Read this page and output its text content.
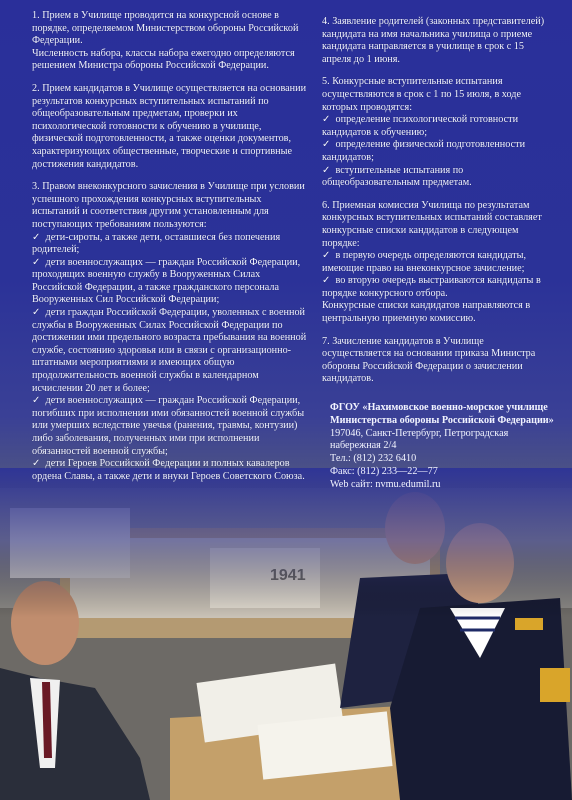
1. Прием в Училище проводится на конкурсной основе в порядке, определяемом Министерством обороны Российской Федерации.

Численность набора, классы набора ежегодно определяются решением Министра обороны Российской Федерации.

2. Прием кандидатов в Училище осуществляется на основании результатов конкурсных вступительных испытаний по общеобразовательным предметам, проверки их психологической готовности к обучению в училище, физической подготовленности, а также оценки документов, характеризующих общественные, творческие и спортивные достижения кандидатов.

3. Правом внеконкурсного зачисления в Училище при условии успешного прохождения конкурсных вступительных испытаний и соответствия другим установленным для поступающих требованиям пользуются:
✓ дети-сироты, а также дети, оставшиеся без попечения родителей;
✓ дети военнослужащих — граждан Российской Федерации, проходящих военную службу в Вооруженных Силах Российской Федерации, а также гражданского персонала Вооруженных Сил Российской Федерации;
✓ дети граждан Российской Федерации, уволенных с военной службы в Вооруженных Силах Российской Федерации по достижении ими предельного возраста пребывания на военной службе, состоянию здоровья или в связи с организационно-штатными мероприятиями и имеющих общую продолжительность военной службы в календарном исчислении 20 лет и более;
✓ дети военнослужащих — граждан Российской Федерации, погибших при исполнении ими обязанностей военной службы или умерших вследствие увечья (ранения, травмы, контузии) либо заболевания, полученных ими при исполнении обязанностей военной службы;
✓ дети Героев Российской Федерации и полных кавалеров ордена Славы, а также дети и внуки Героев Советского Союза.

4. Заявление родителей (законных представителей) кандидата на имя начальника училища о приеме кандидата направляется в училище в срок с 15 апреля до 1 июня.

5. Конкурсные вступительные испытания осуществляются в срок с 1 по 15 июля, в ходе которых проводятся:
✓ определение психологической готовности кандидатов к обучению;
✓ определение физической подготовленности кандидатов;
✓ вступительные испытания по общеобразовательным предметам.
6. Приемная комиссия Училища по результатам конкурсных вступительных испытаний составляет конкурсные списки кандидатов в следующем порядке:
✓ в первую очередь определяются кандидаты, имеющие право на внеконкурсное зачисление;
✓ во вторую очередь выстраиваются кандидаты в порядке конкурсного отбора.
Конкурсные списки кандидатов направляются в центральную приемную комиссию.

7. Зачисление кандидатов в Училище осуществляется на основании приказа Министра обороны Российской Федерации о зачислении кандидатов.

ФГОУ «Нахимовское военно-морское училище Министерства обороны Российской Федерации»
197046, Санкт-Петербург, Петроградская
набережная 2/4
Тел.: (812) 232 6410
Факс: (812) 233—22—77
Web сайт: nvmu.edumil.ru
